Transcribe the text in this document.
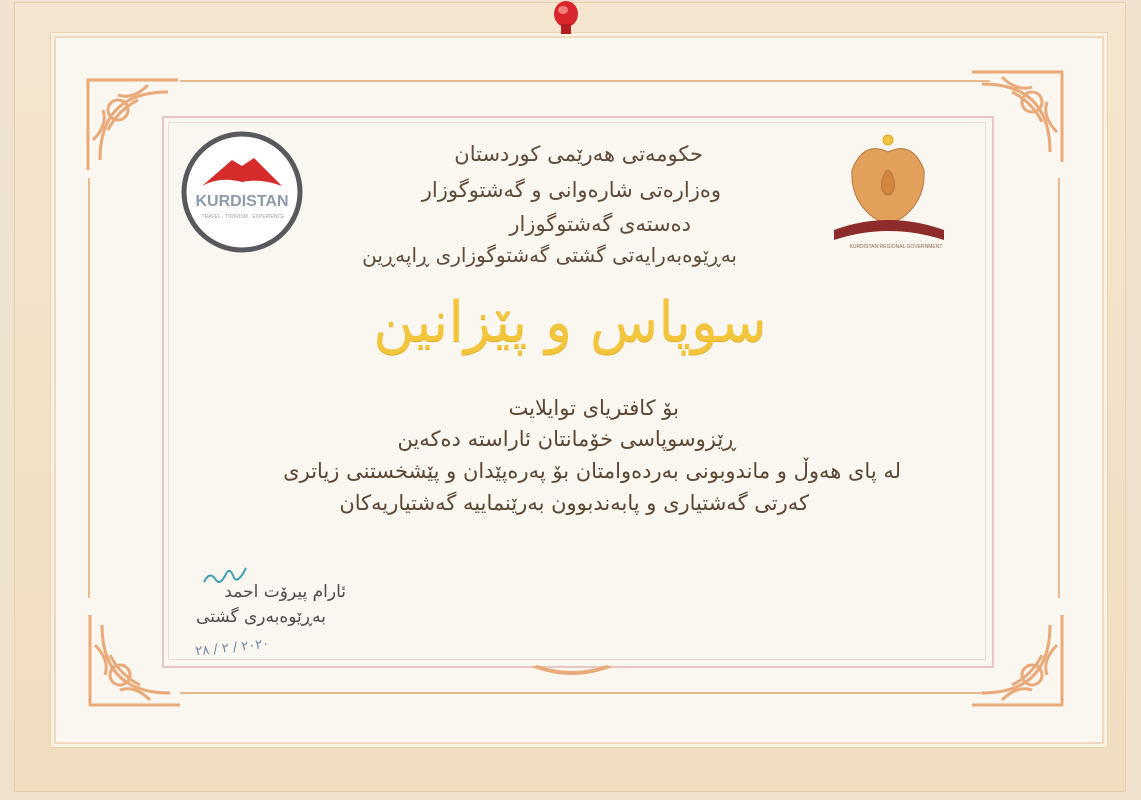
KURDISTAN
TRAVEL · TOURISM · EXPERIENCE
KURDISTAN REGIONAL GOVERNMENT
حکومەتی هەرێمی کوردستان
وەزارەتی شارەوانی و گەشتوگوزار
دەستەی گەشتوگوزار
بەڕێوەبەرایەتی گشتی گەشتوگوزاری ڕاپەڕین
سوپاس و پێزانین
بۆ کافتریای توایلایت
ڕێزوسوپاسی خۆمانتان ئاراستە دەکەین
لە پای هەوڵ و ماندوبونی بەردەوامتان بۆ پەرەپێدان و پێشخستنی زیاتری
کەرتی گەشتیاری و پابەندبوون بەرێنماییە گەشتیاریەکان
ئارام پیرۆت احمد
بەڕێوەبەری گشتی
٢٠٢٠ / ٢ / ٢٨
